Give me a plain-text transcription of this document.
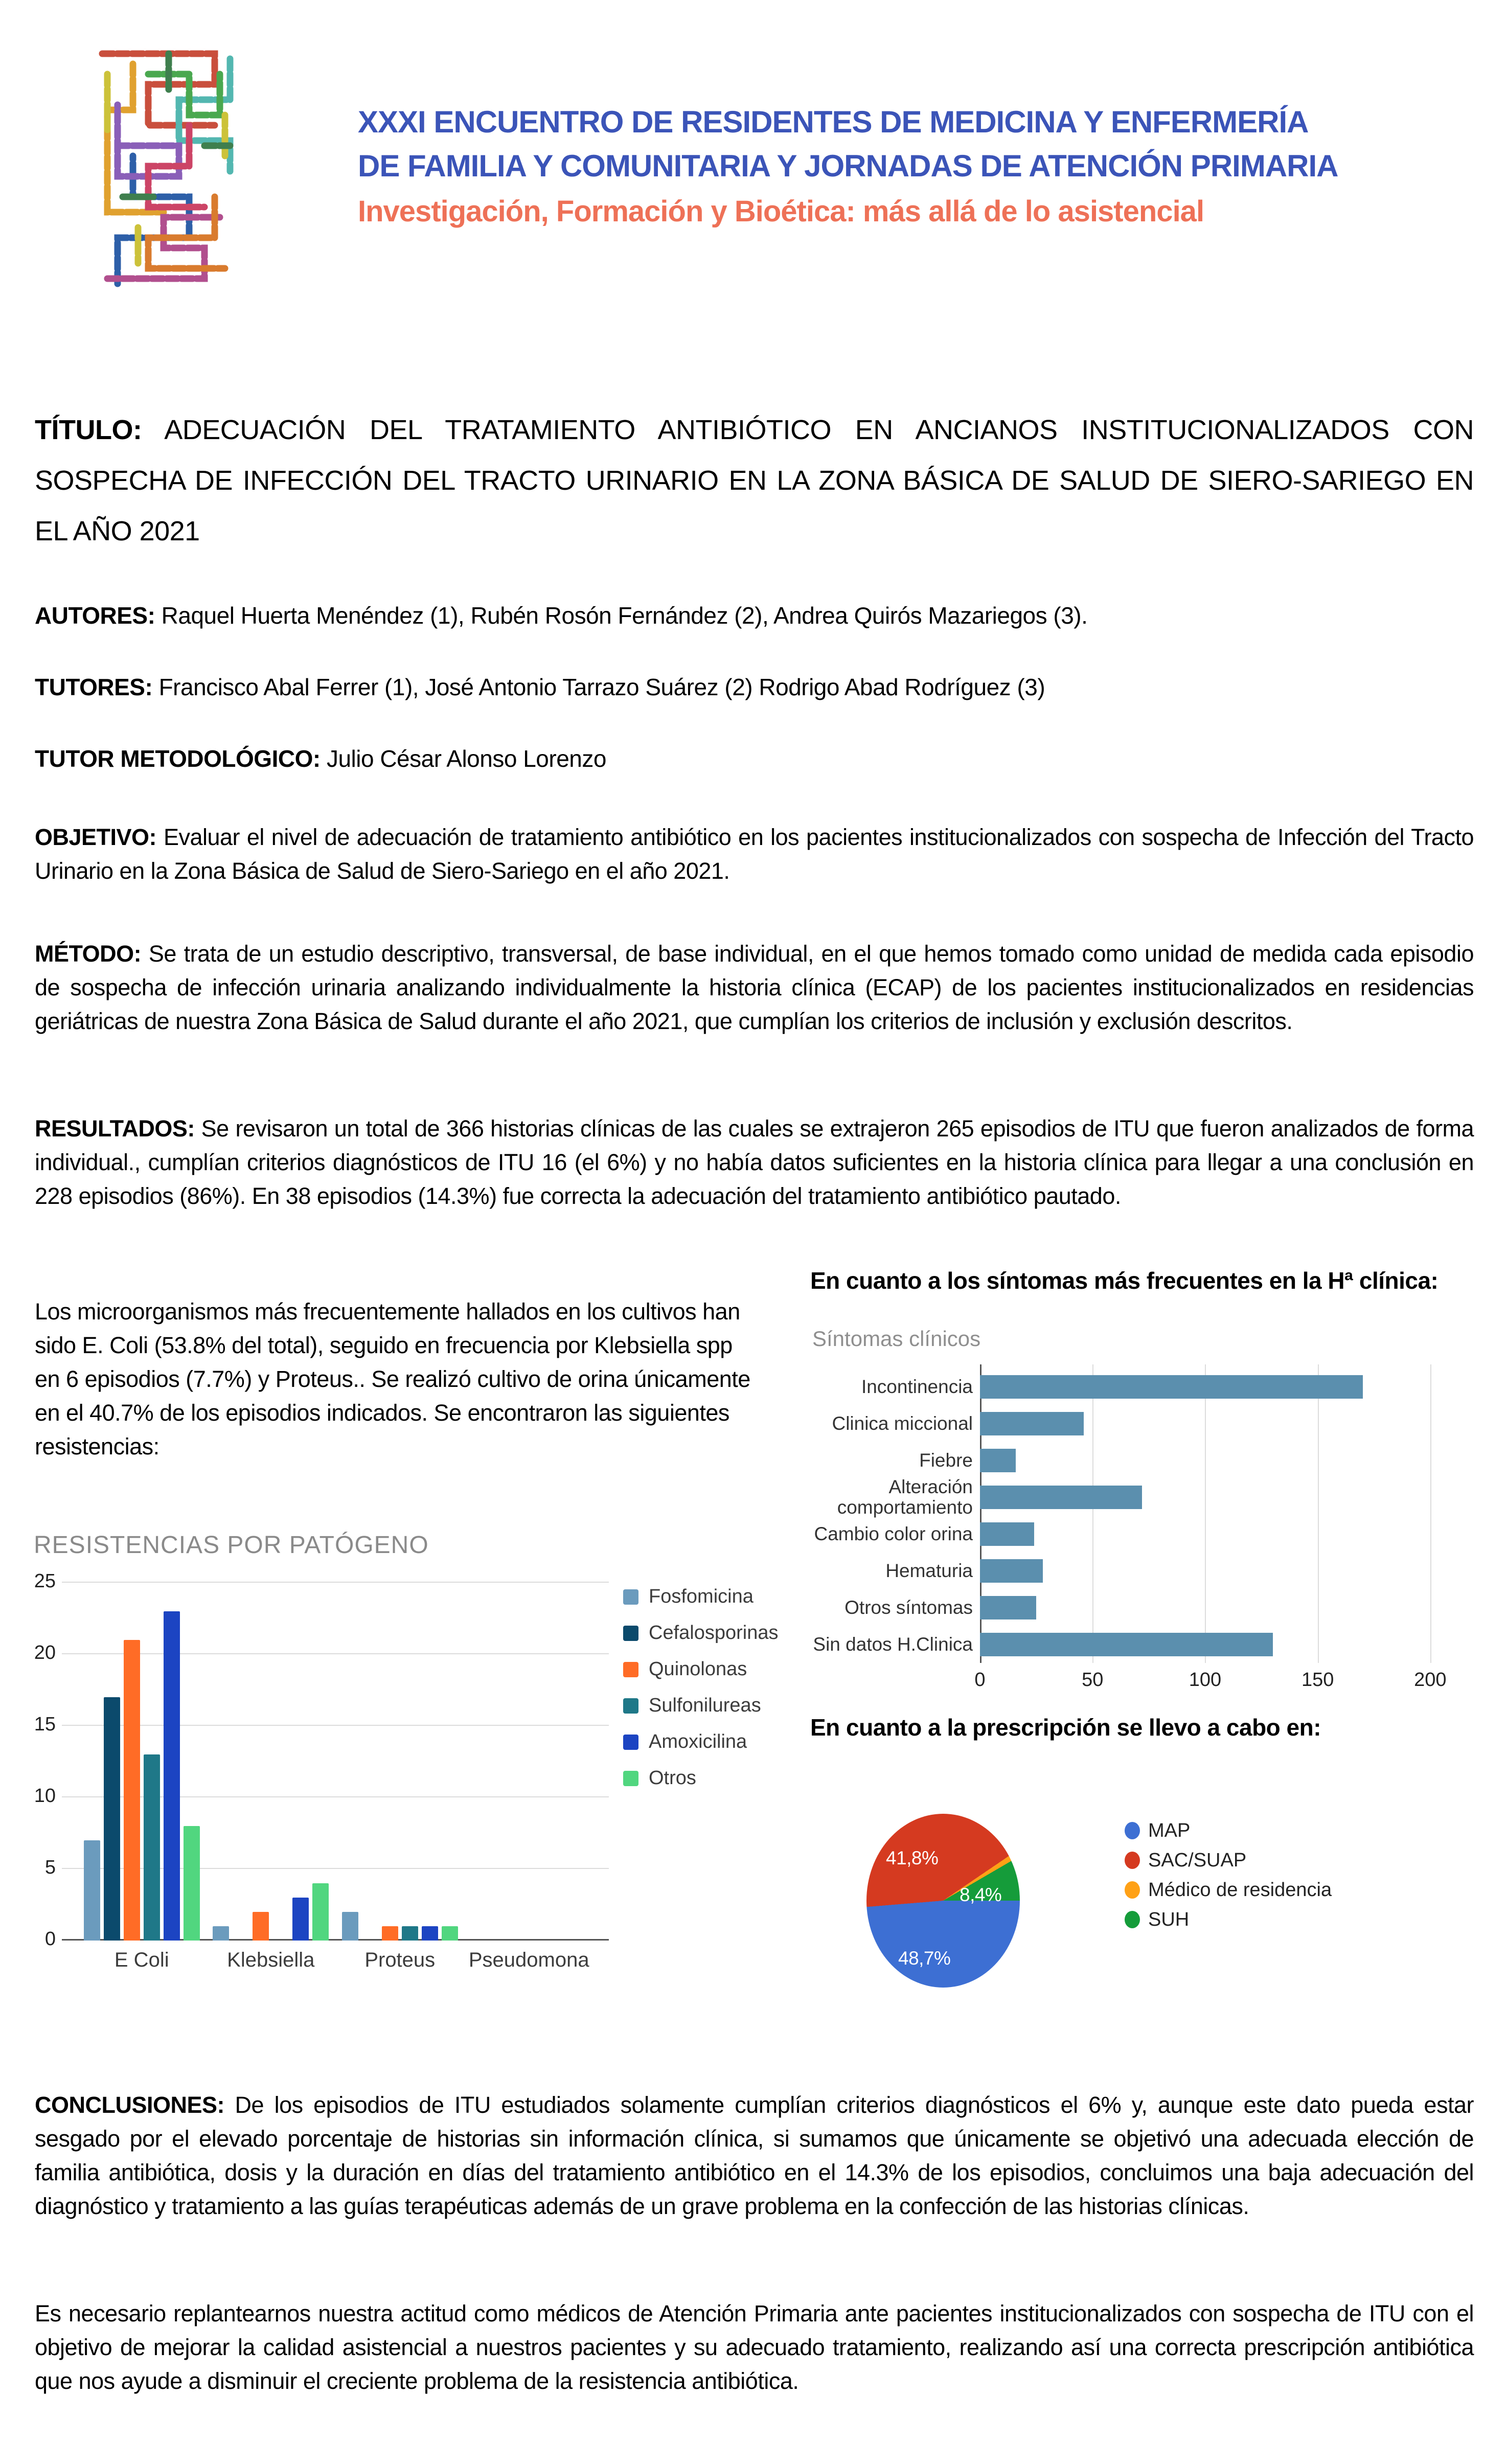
XXXI ENCUENTRO DE RESIDENTES DE MEDICINA Y ENFERMERÍA
DE FAMILIA Y COMUNITARIA Y JORNADAS DE ATENCIÓN PRIMARIA
Investigación, Formación y Bioética: más allá de lo asistencial

TÍTULO: ADECUACIÓN DEL TRATAMIENTO ANTIBIÓTICO EN ANCIANOS INSTITUCIONALIZADOS CON SOSPECHA DE INFECCIÓN DEL TRACTO URINARIO EN LA ZONA BÁSICA DE SALUD DE SIERO-SARIEGO EN EL AÑO 2021

AUTORES: Raquel Huerta Menéndez (1), Rubén Rosón Fernández (2), Andrea Quirós Mazariegos (3).

TUTORES: Francisco Abal Ferrer (1), José Antonio Tarrazo Suárez (2) Rodrigo Abad Rodríguez (3)

TUTOR METODOLÓGICO: Julio César Alonso Lorenzo

OBJETIVO: Evaluar el nivel de adecuación de tratamiento antibiótico en los pacientes institucionalizados con sospecha de Infección del Tracto Urinario en la Zona Básica de Salud de Siero-Sariego en el año 2021.

MÉTODO: Se trata de un estudio descriptivo, transversal, de base individual, en el que hemos tomado como unidad de medida cada episodio de sospecha de infección urinaria analizando individualmente la historia clínica (ECAP) de los pacientes institucionalizados en residencias geriátricas de nuestra Zona Básica de Salud durante el año 2021, que cumplían los criterios de inclusión y exclusión descritos.

RESULTADOS: Se revisaron un total de 366 historias clínicas de las cuales se extrajeron 265 episodios de ITU que fueron analizados de forma individual., cumplían criterios diagnósticos de ITU 16 (el 6%) y no había datos suficientes en la historia clínica para llegar a una conclusión en 228 episodios (86%). En 38 episodios (14.3%) fue correcta la adecuación del tratamiento antibiótico pautado.

Los microorganismos más frecuentemente hallados en los cultivos han sido E. Coli (53.8% del total), seguido en frecuencia por Klebsiella spp en 6 episodios (7.7%) y Proteus.. Se realizó cultivo de orina únicamente en el 40.7% de los episodios indicados. Se encontraron las siguientes resistencias:

En cuanto a los síntomas más frecuentes en la Hª clínica:
Síntomas clínicos
Incontinencia
Clinica miccional
Fiebre
Alteración comportamiento
Cambio color orina
Hematuria
Otros síntomas
Sin datos H.Clinica
0	50	100	150	200
RESISTENCIAS POR PATÓGENO
0
5
10
15
20
25
E Coli	Klebsiella	Proteus	Pseudomona
Fosfomicina
Cefalosporinas
Quinolonas
Sulfonilureas
Amoxicilina
Otros
En cuanto a la prescripción se llevo a cabo en:
48,7%
41,8%
8,4%
MAP
SAC/SUAP
Médico de residencia
SUH

CONCLUSIONES: De los episodios de ITU estudiados solamente cumplían criterios diagnósticos el 6% y, aunque este dato pueda estar sesgado por el elevado porcentaje de historias sin información clínica, si sumamos que únicamente se objetivó una adecuada elección de familia antibiótica, dosis y la duración en días del tratamiento antibiótico en el 14.3% de los episodios, concluimos una baja adecuación del diagnóstico y tratamiento a las guías terapéuticas además de un grave problema en la confección de las historias clínicas.

Es necesario replantearnos nuestra actitud como médicos de Atención Primaria ante pacientes institucionalizados con sospecha de ITU con el objetivo de mejorar la calidad asistencial a nuestros pacientes y su adecuado tratamiento, realizando así una correcta prescripción antibiótica que nos ayude a disminuir el creciente problema de la resistencia antibiótica.
